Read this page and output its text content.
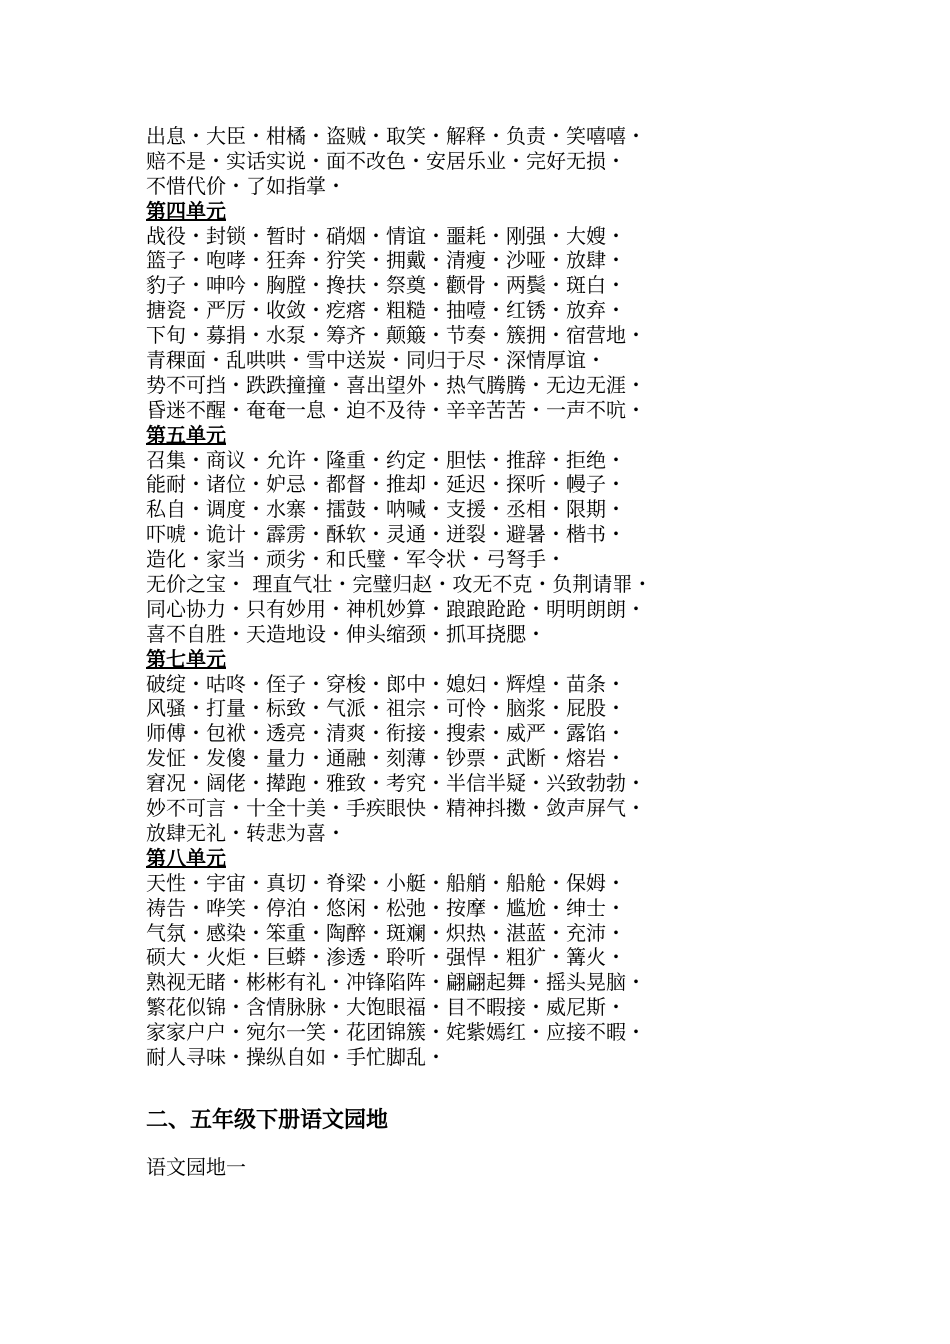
出息・大臣・柑橘・盗贼・取笑・解释・负责・笑嘻嘻・
赔不是・实话实说・面不改色・安居乐业・完好无损・
不惜代价・了如指掌・
第四单元
战役・封锁・暂时・硝烟・情谊・噩耗・刚强・大嫂・
篮子・咆哮・狂奔・狞笑・拥戴・清瘦・沙哑・放肆・
豹子・呻吟・胸膛・搀扶・祭奠・颧骨・两鬓・斑白・
搪瓷・严厉・收敛・疙瘩・粗糙・抽噎・红锈・放弃・
下旬・募捐・水泵・筹齐・颠簸・节奏・簇拥・宿营地・
青稞面・乱哄哄・雪中送炭・同归于尽・深情厚谊・
势不可挡・跌跌撞撞・喜出望外・热气腾腾・无边无涯・
昏迷不醒・奄奄一息・迫不及待・辛辛苦苦・一声不吭・
第五单元
召集・商议・允许・隆重・约定・胆怯・推辞・拒绝・
能耐・诸位・妒忌・都督・推却・延迟・探听・幔子・
私自・调度・水寨・擂鼓・呐喊・支援・丞相・限期・
吓唬・诡计・霹雳・酥软・灵通・迸裂・避暑・楷书・
造化・家当・顽劣・和氏璧・军令状・弓弩手・
无价之宝・ 理直气壮・完璧归赵・攻无不克・负荆请罪・
同心协力・只有妙用・神机妙算・踉踉跄跄・明明朗朗・
喜不自胜・天造地设・伸头缩颈・抓耳挠腮・
第七单元
破绽・咕咚・侄子・穿梭・郎中・媳妇・辉煌・苗条・
风骚・打量・标致・气派・祖宗・可怜・脑浆・屁股・
师傅・包袱・透亮・清爽・衔接・搜索・威严・露馅・
发怔・发傻・量力・通融・刻薄・钞票・武断・熔岩・
窘况・阔佬・撵跑・雅致・考究・半信半疑・兴致勃勃・
妙不可言・十全十美・手疾眼快・精神抖擞・敛声屏气・
放肆无礼・转悲为喜・
第八单元
天性・宇宙・真切・脊梁・小艇・船艄・船舱・保姆・
祷告・哗笑・停泊・悠闲・松弛・按摩・尴尬・绅士・
气氛・感染・笨重・陶醉・斑斓・炽热・湛蓝・充沛・
硕大・火炬・巨蟒・渗透・聆听・强悍・粗犷・篝火・
熟视无睹・彬彬有礼・冲锋陷阵・翩翩起舞・摇头晃脑・
繁花似锦・含情脉脉・大饱眼福・目不暇接・威尼斯・
家家户户・宛尔一笑・花团锦簇・姹紫嫣红・应接不暇・
耐人寻味・操纵自如・手忙脚乱・
二、五年级下册语文园地
语文园地一
